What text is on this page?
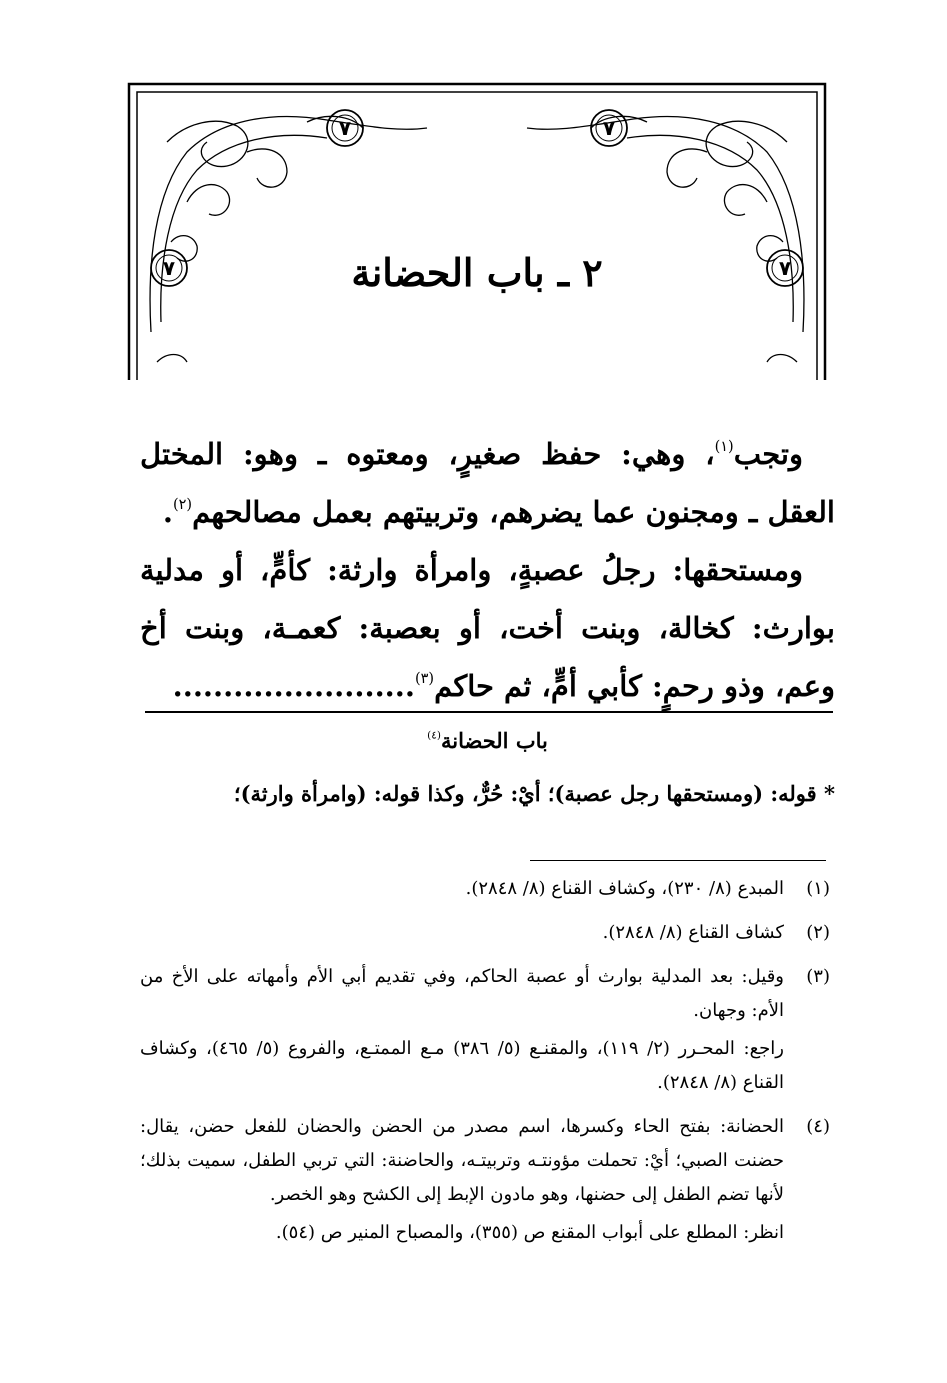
٧	٧
٧	٧
٢ ـ باب الحضانة

وتجب$^{(١)}$، وهي: حفظ صغيرٍ، ومعتوه ـ وهو: المختل العقل ـ ومجنون عما يضرهم، وتربيتهم بعمل مصالحهم$^{(٢)}$.

ومستحقها: رجلُ عصبةٍ، وامرأة وارثة: كأمٍّ، أو مدلية بوارث: كخالة، وبنت أخت، أو بعصبة: كعمـة، وبنت أخ وعم، وذو رحمٍ: كأبي أمٍّ، ثم حاكم$^{(٣)}$........................

باب الحضانة$^{(٤)}$
* قوله: (ومستحقها رجل عصبة)؛ أيْ: حُرٌّ، وكذا قوله: (وامرأة وارثة)؛
(١)

المبدع (٨/ ٢٣٠)، وكشاف القناع (٨/ ٢٨٤٨).

(٢)

كشاف القناع (٨/ ٢٨٤٨).

(٣)

وقيل: بعد المدلية بوارث أو عصبة الحاكم، وفي تقديم أبي الأم وأمهاته على الأخ من الأم: وجهان.

راجع: المحـرر (٢/ ١١٩)، والمقنـع (٥/ ٣٨٦) مـع الممتـع، والفروع (٥/ ٤٦٥)، وكشاف القناع (٨/ ٢٨٤٨).

(٤)

الحضانة: بفتح الحاء وكسرها، اسم مصدر من الحضن والحضان للفعل حضن، يقال: حضنت الصبي؛ أيْ: تحملت مؤونتـه وتربيتـه، والحاضنة: التي تربي الطفل، سميت بذلك؛ لأنها تضم الطفل إلى حضنها، وهو مادون الإبط إلى الكشح وهو الخصر.

انظر: المطلع على أبواب المقنع ص (٣٥٥)، والمصباح المنير ص (٥٤).
